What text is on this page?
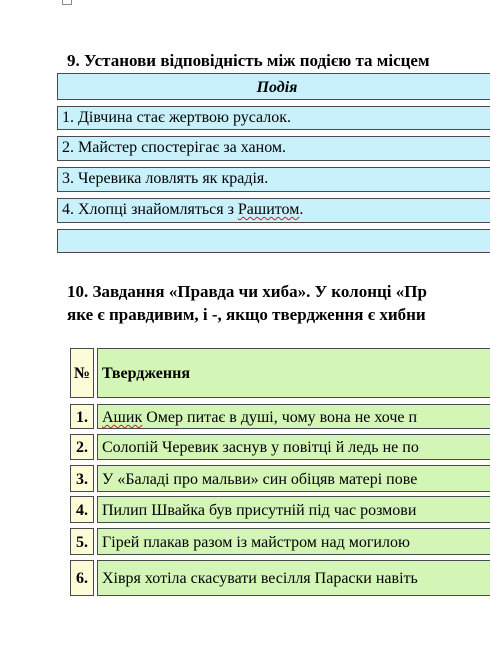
9. Установи відповідність між подією та місцем
Подія
1. Дівчина стає жертвою русалок.
2. Майстер спостерігає за ханом.
3. Черевика ловлять як крадія.
4. Хлопці знайомляться з Рашитом.
10. Завдання «Правда чи хиба». У колонці «Пр
яке є правдивим, і -, якщо твердження є хибни
№ Твердження
1. Ашик Омер питає в душі, чому вона не хоче п
2. Солопій Черевик заснув у повітці й ледь не по
3. У «Баладі про мальви» син обіцяв матері пове
4. Пилип Швайка був присутній під час розмови
5. Гірей плакав разом із майстром над могилою
6. Хівря хотіла скасувати весілля Параски навіть
